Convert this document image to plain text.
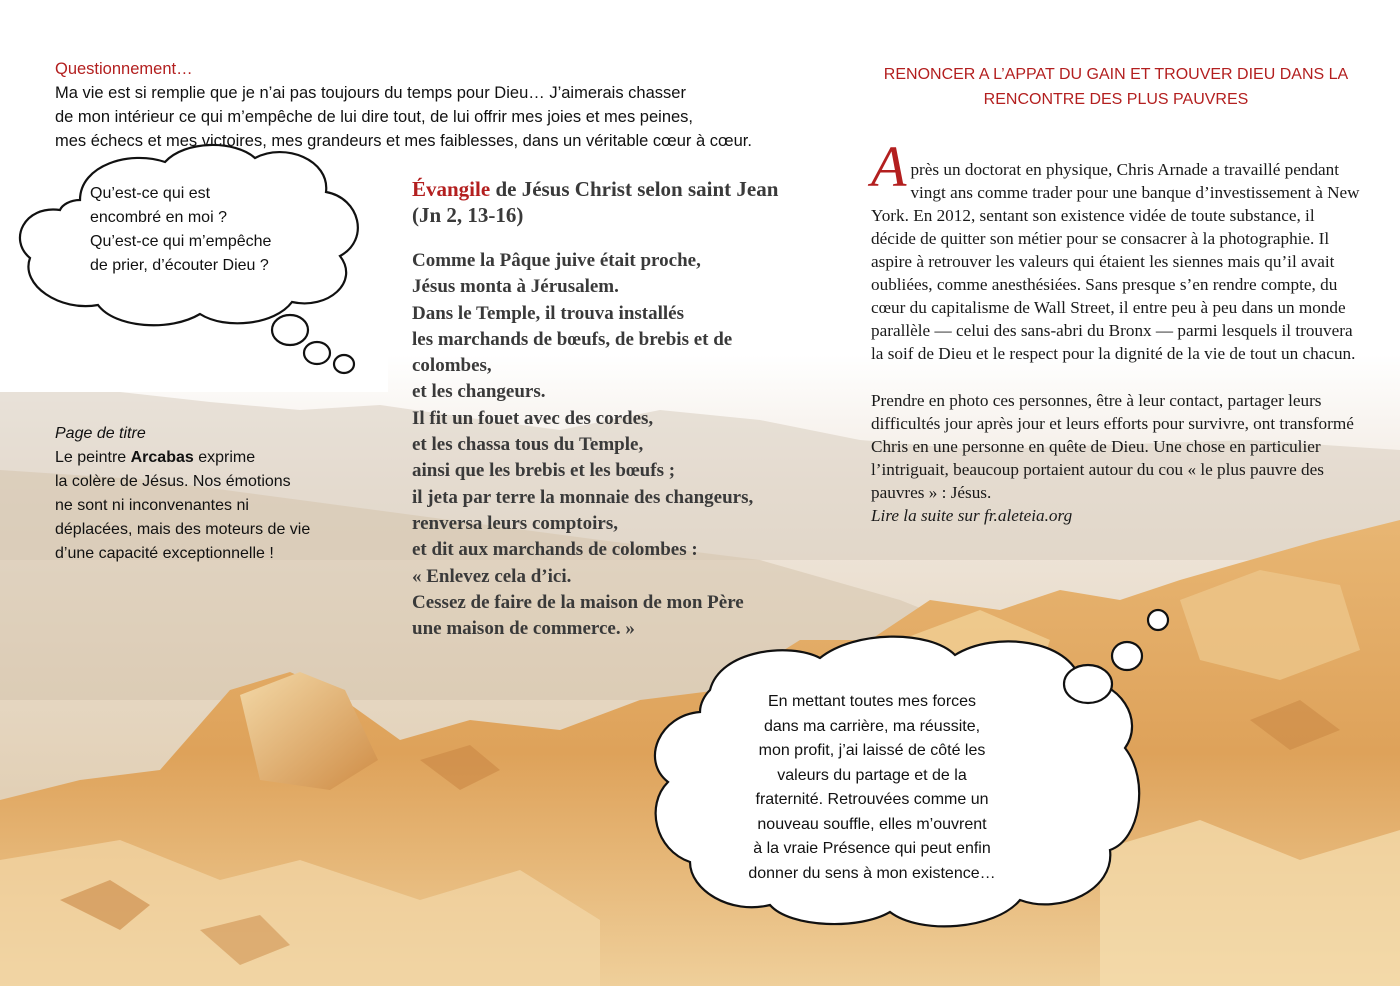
Questionnement…
Ma vie est si remplie que je n’ai pas toujours du temps pour Dieu… J’aimerais chasser
de mon intérieur ce qui m’empêche de lui dire tout, de lui offrir mes joies et mes peines,
mes échecs et mes victoires, mes grandeurs et mes faiblesses, dans un véritable cœur à cœur.
Qu’est-ce qui est
encombré en moi ?
Qu’est-ce qui m’empêche
de prier, d’écouter Dieu ?
Page de titre
Le peintre Arcabas exprime
la colère de Jésus. Nos émotions
ne sont ni inconvenantes ni
déplacées, mais des moteurs de vie
d’une capacité exceptionnelle !
Évangile de Jésus Christ selon saint Jean
(Jn 2, 13-16)
Comme la Pâque juive était proche,
Jésus monta à Jérusalem.
Dans le Temple, il trouva installés
les marchands de bœufs, de brebis et de
colombes,
et les changeurs.
Il fit un fouet avec des cordes,
et les chassa tous du Temple,
ainsi que les brebis et les bœufs ;
il jeta par terre la monnaie des changeurs,
renversa leurs comptoirs,
et dit aux marchands de colombes :
« Enlevez cela d’ici.
Cessez de faire de la maison de mon Père
une maison de commerce. »
RENONCER A L’APPAT DU GAIN ET TROUVER DIEU DANS LA
RENCONTRE DES PLUS PAUVRES

Après un doctorat en physique, Chris Arnade a travaillé pendant vingt ans comme trader pour une banque d’investissement à New York. En 2012, sentant son existence vidée de toute substance, il décide de quitter son métier pour se consacrer à la photographie. Il aspire à retrouver les valeurs qui étaient les siennes mais qu’il avait oubliées, comme anesthésiées. Sans presque s’en rendre compte, du cœur du capitalisme de Wall Street, il entre peu à peu dans un monde parallèle — celui des sans-abri du Bronx — parmi lesquels il trouvera la soif de Dieu et le respect pour la dignité de la vie de tout un chacun.

Prendre en photo ces personnes, être à leur contact, partager leurs difficultés jour après jour et leurs efforts pour survivre, ont transformé Chris en une personne en quête de Dieu. Une chose en particulier l’intriguait, beaucoup portaient autour du cou « le plus pauvre des pauvres » : Jésus.

Lire la suite sur fr.aleteia.org

En mettant toutes mes forces
dans ma carrière, ma réussite,
mon profit, j’ai laissé de côté les
valeurs du partage et de la
fraternité. Retrouvées comme un
nouveau souffle, elles m’ouvrent
à la vraie Présence qui peut enfin
donner du sens à mon existence…
